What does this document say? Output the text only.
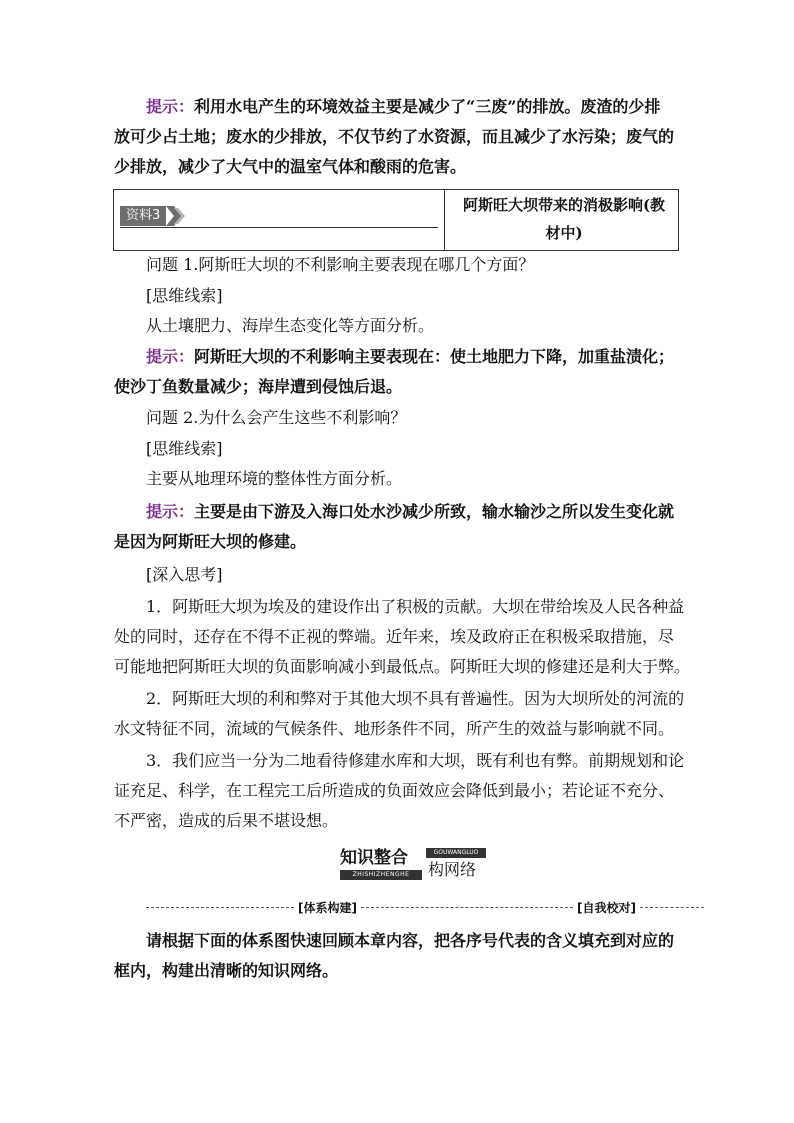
提示：利用水电产生的环境效益主要是减少了“三废”的排放。废渣的少排
放可少占土地；废水的少排放，不仅节约了水资源，而且减少了水污染；废气的
少排放，减少了大气中的温室气体和酸雨的危害。
资料3
阿斯旺大坝带来的消极影响(教
材中)
问题 1.阿斯旺大坝的不利影响主要表现在哪几个方面？
[思维线索]
从土壤肥力、海岸生态变化等方面分析。
提示：阿斯旺大坝的不利影响主要表现在：使土地肥力下降，加重盐渍化；
使沙丁鱼数量减少；海岸遭到侵蚀后退。
问题 2.为什么会产生这些不利影响？
[思维线索]
主要从地理环境的整体性方面分析。
提示：主要是由下游及入海口处水沙减少所致，输水输沙之所以发生变化就
是因为阿斯旺大坝的修建。
[深入思考]
1．阿斯旺大坝为埃及的建设作出了积极的贡献。大坝在带给埃及人民各种益
处的同时，还存在不得不正视的弊端。近年来，埃及政府正在积极采取措施，尽
可能地把阿斯旺大坝的负面影响减小到最低点。阿斯旺大坝的修建还是利大于弊。
2．阿斯旺大坝的利和弊对于其他大坝不具有普遍性。因为大坝所处的河流的
水文特征不同，流域的气候条件、地形条件不同，所产生的效益与影响就不同。
3．我们应当一分为二地看待修建水库和大坝，既有利也有弊。前期规划和论
证充足、科学，在工程完工后所造成的负面效应会降低到最小；若论证不充分、
不严密，造成的后果不堪设想。
知识整合
ZHISHIZHENGHE
GOUWANGLUO
构网络
[体系构建]	[自我校对]
请根据下面的体系图快速回顾本章内容，把各序号代表的含义填充到对应的
框内，构建出清晰的知识网络。
